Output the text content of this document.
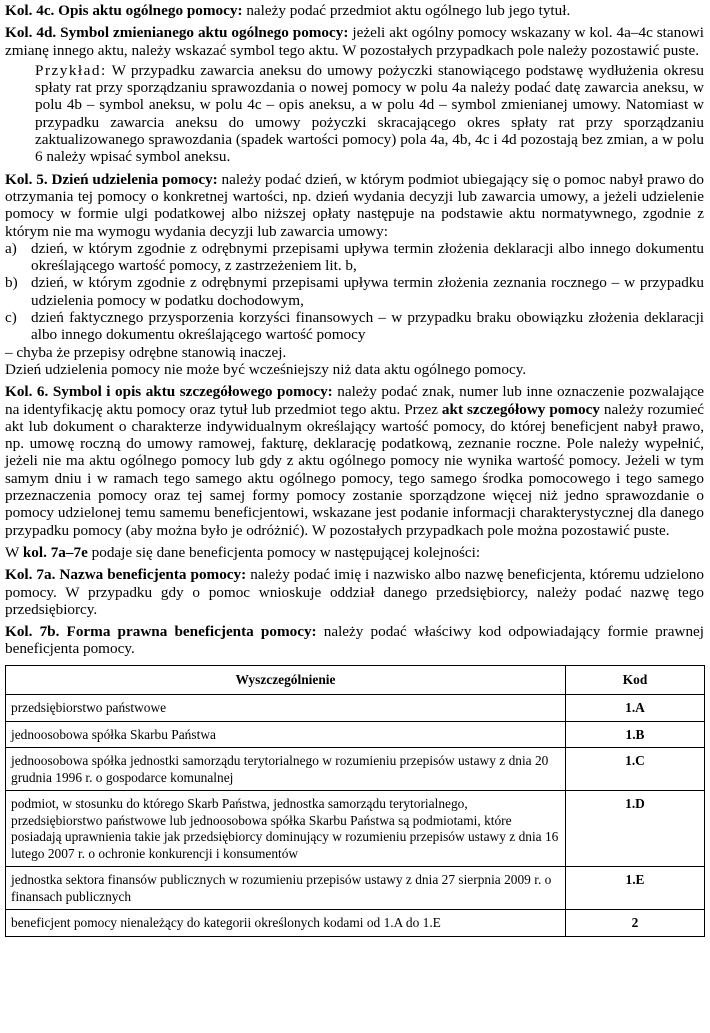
Kol. 4c. Opis aktu ogólnego pomocy: należy podać przedmiot aktu ogólnego lub jego tytuł.

Kol. 4d. Symbol zmienianego aktu ogólnego pomocy: jeżeli akt ogólny pomocy wskazany w kol. 4a–4c stanowi zmianę innego aktu, należy wskazać symbol tego aktu. W pozostałych przypadkach pole należy pozostawić puste.

Przykład: W przypadku zawarcia aneksu do umowy pożyczki stanowiącego podstawę wydłużenia okresu spłaty rat przy sporządzaniu sprawozdania o nowej pomocy w polu 4a należy podać datę zawarcia aneksu, w polu 4b – symbol aneksu, w polu 4c – opis aneksu, a w polu 4d – symbol zmienianej umowy. Natomiast w przypadku zawarcia aneksu do umowy pożyczki skracającego okres spłaty rat przy sporządzaniu zaktualizowanego sprawozdania (spadek wartości pomocy) pola 4a, 4b, 4c i 4d pozostają bez zmian, a w polu 6 należy wpisać symbol aneksu.

Kol. 5. Dzień udzielenia pomocy: należy podać dzień, w którym podmiot ubiegający się o pomoc nabył prawo do otrzymania tej pomocy o konkretnej wartości, np. dzień wydania decyzji lub zawarcia umowy, a jeżeli udzielenie pomocy w formie ulgi podatkowej albo niższej opłaty następuje na podstawie aktu normatywnego, zgodnie z którym nie ma wymogu wydania decyzji lub zawarcia umowy:

a) dzień, w którym zgodnie z odrębnymi przepisami upływa termin złożenia deklaracji albo innego dokumentu określającego wartość pomocy, z zastrzeżeniem lit. b,
b) dzień, w którym zgodnie z odrębnymi przepisami upływa termin złożenia zeznania rocznego – w przypadku udzielenia pomocy w podatku dochodowym,
c) dzień faktycznego przysporzenia korzyści finansowych – w przypadku braku obowiązku złożenia deklaracji albo innego dokumentu określającego wartość pomocy

– chyba że przepisy odrębne stanowią inaczej.

Dzień udzielenia pomocy nie może być wcześniejszy niż data aktu ogólnego pomocy.

Kol. 6. Symbol i opis aktu szczegółowego pomocy: należy podać znak, numer lub inne oznaczenie pozwalające na identyfikację aktu pomocy oraz tytuł lub przedmiot tego aktu. Przez akt szczegółowy pomocy należy rozumieć akt lub dokument o charakterze indywidualnym określający wartość pomocy, do której beneficjent nabył prawo, np. umowę roczną do umowy ramowej, fakturę, deklarację podatkową, zeznanie roczne. Pole należy wypełnić, jeżeli nie ma aktu ogólnego pomocy lub gdy z aktu ogólnego pomocy nie wynika wartość pomocy. Jeżeli w tym samym dniu i w ramach tego samego aktu ogólnego pomocy, tego samego środka pomocowego i tego samego przeznaczenia pomocy oraz tej samej formy pomocy zostanie sporządzone więcej niż jedno sprawozdanie o pomocy udzielonej temu samemu beneficjentowi, wskazane jest podanie informacji charakterystycznej dla danego przypadku pomocy (aby można było je odróżnić). W pozostałych przypadkach pole można pozostawić puste.

W kol. 7a–7e podaje się dane beneficjenta pomocy w następującej kolejności:

Kol. 7a. Nazwa beneficjenta pomocy: należy podać imię i nazwisko albo nazwę beneficjenta, któremu udzielono pomocy. W przypadku gdy o pomoc wnioskuje oddział danego przedsiębiorcy, należy podać nazwę tego przedsiębiorcy.

Kol. 7b. Forma prawna beneficjenta pomocy: należy podać właściwy kod odpowiadający formie prawnej beneficjenta pomocy.

Wyszczególnienie	Kod
przedsiębiorstwo państwowe	1.A
jednoosobowa spółka Skarbu Państwa	1.B
jednoosobowa spółka jednostki samorządu terytorialnego w rozumieniu przepisów ustawy z dnia 20 grudnia 1996 r. o gospodarce komunalnej	1.C
podmiot, w stosunku do którego Skarb Państwa, jednostka samorządu terytorialnego, przedsiębiorstwo państwowe lub jednoosobowa spółka Skarbu Państwa są podmiotami, które posiadają uprawnienia takie jak przedsiębiorcy dominujący w rozumieniu przepisów ustawy z dnia 16 lutego 2007 r. o ochronie konkurencji i konsumentów	1.D
jednostka sektora finansów publicznych w rozumieniu przepisów ustawy z dnia 27 sierpnia 2009 r. o finansach publicznych	1.E
beneficjent pomocy nienależący do kategorii określonych kodami od 1.A do 1.E	2
